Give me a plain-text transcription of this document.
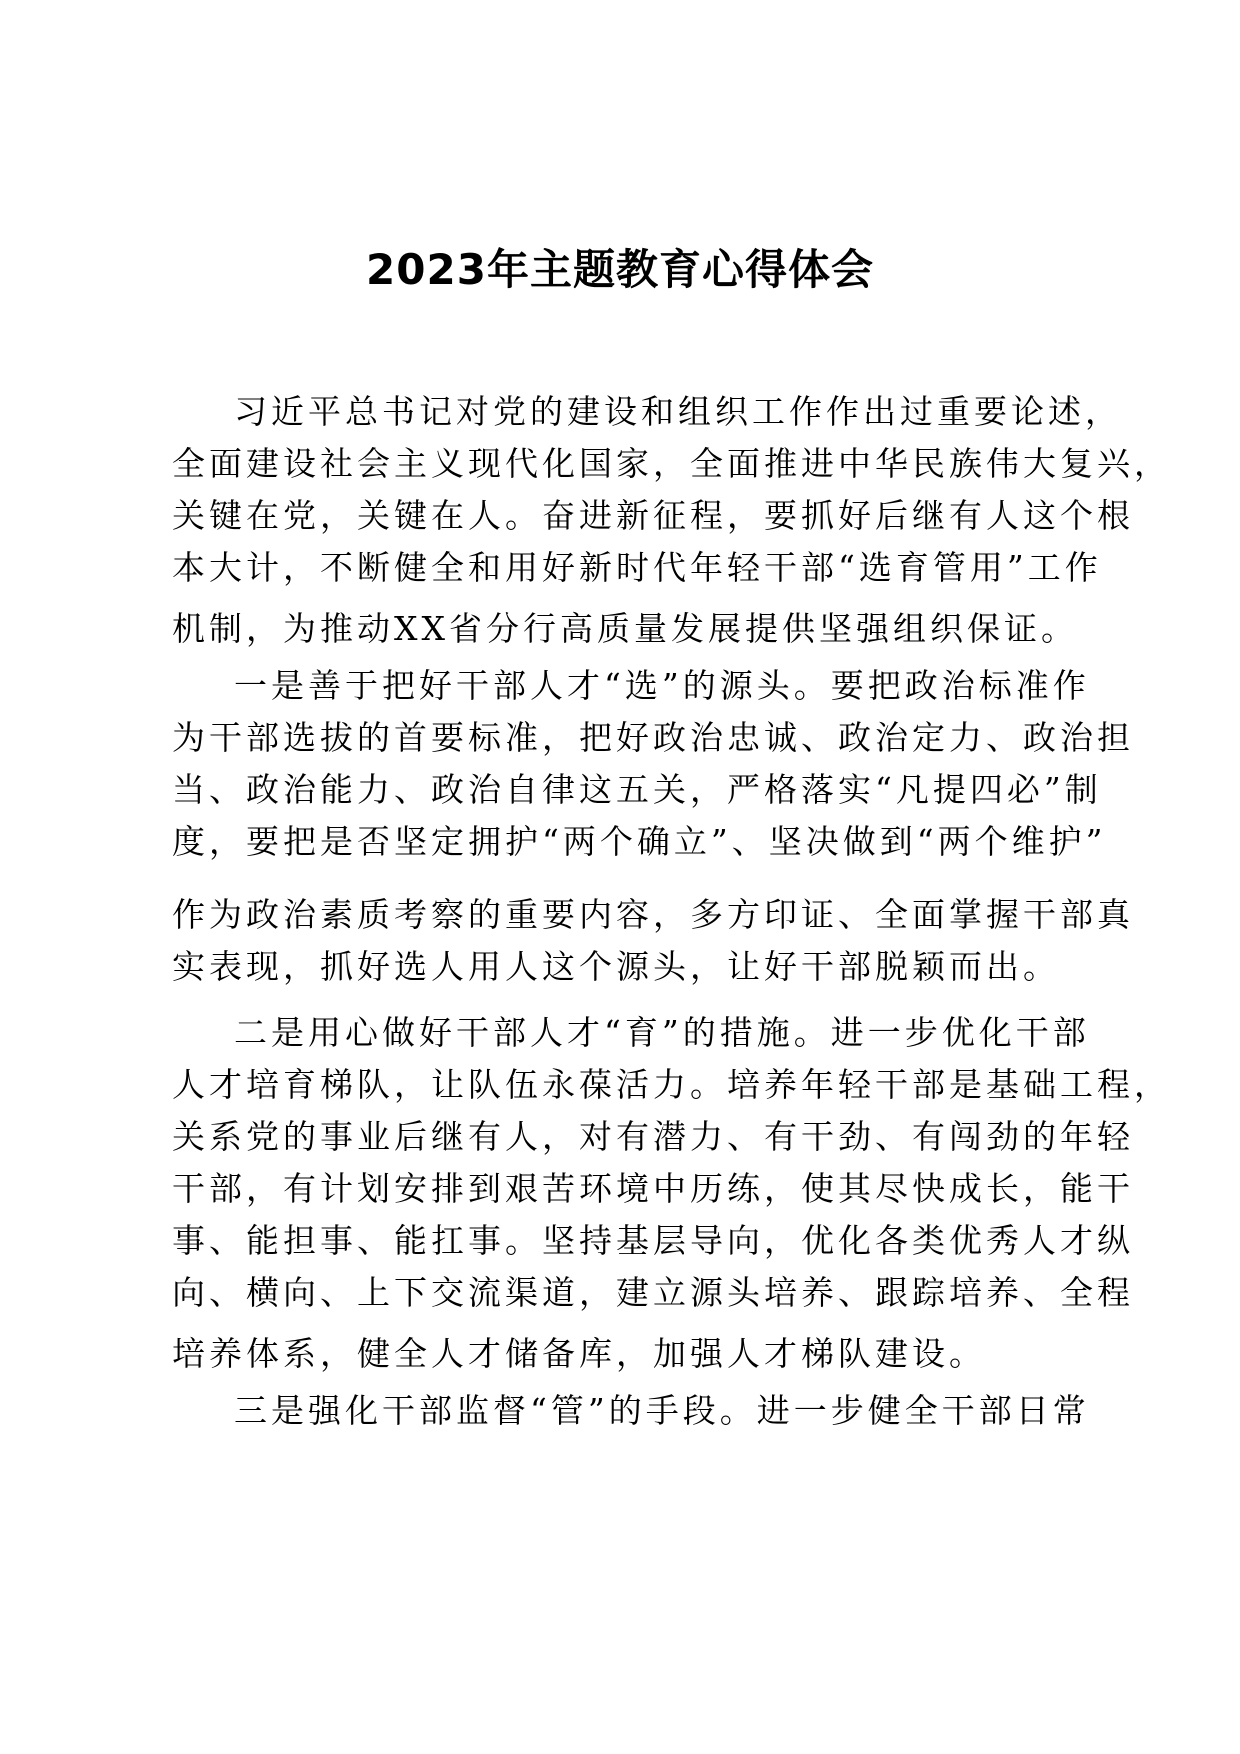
2023年主题教育心得体会
习近平总书记对党的建设和组织工作作出过重要论述，
全面建设社会主义现代化国家，全面推进中华民族伟大复兴，
关键在党，关键在人。奋进新征程，要抓好后继有人这个根
本大计，不断健全和用好新时代年轻干部“选育管用”工作
机制，为推动XX省分行高质量发展提供坚强组织保证。
一是善于把好干部人才“选”的源头。要把政治标准作
为干部选拔的首要标准，把好政治忠诚、政治定力、政治担
当、政治能力、政治自律这五关，严格落实“凡提四必”制
度，要把是否坚定拥护“两个确立”、坚决做到“两个维护”
作为政治素质考察的重要内容，多方印证、全面掌握干部真
实表现，抓好选人用人这个源头，让好干部脱颖而出。
二是用心做好干部人才“育”的措施。进一步优化干部
人才培育梯队，让队伍永葆活力。培养年轻干部是基础工程，
关系党的事业后继有人，对有潜力、有干劲、有闯劲的年轻
干部，有计划安排到艰苦环境中历练，使其尽快成长，能干
事、能担事、能扛事。坚持基层导向，优化各类优秀人才纵
向、横向、上下交流渠道，建立源头培养、跟踪培养、全程
培养体系，健全人才储备库，加强人才梯队建设。
三是强化干部监督“管”的手段。进一步健全干部日常
